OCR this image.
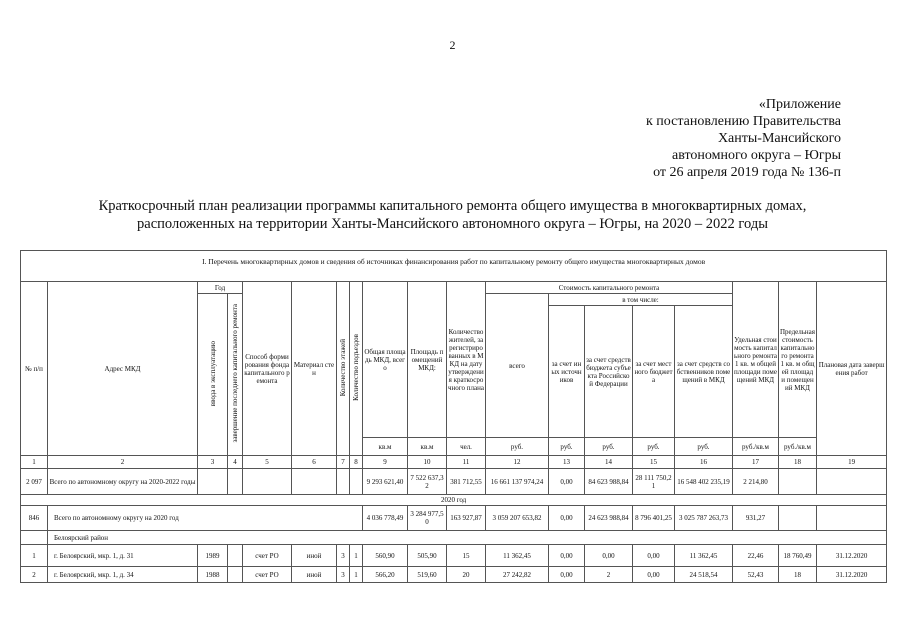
2
«Приложение
к постановлению Правительства
Ханты-Мансийского
автономного округа – Югры
от 26 апреля 2019 года № 136-п
Краткосрочный план реализации программы капитального ремонта общего имущества в многоквартирных домах,
расположенных на территории Ханты-Мансийского автономного округа – Югры, на 2020 – 2022 годы
I. Перечень многоквартирных домов и сведения об источниках финансирования работ по капитальному ремонту общего имущества многоквартирных домов																		

№ п/п	Адрес МКД	Год		Способ формирования фонда капитального ремонта	Материал стен	Количество этажей	Количество подъездов	Общая площадь МКД, всего	Площадь помещений МКД:	Количество жителей, зарегистрированных в МКД на дату утверждения краткосрочного плана	Стоимость капитального ремонта					Удельная стоимость капитального ремонта 1 кв. м общей площади помещений МКД	Предельная стоимость капитального ремонта 1 кв. м общей площади помещений МКД	Плановая дата завершения работ
		ввода в эксплуатацию	завершение последнего капитального ремонта								всего	в том числе:						
												за счет иных источников	за счет средств бюджета субъекта Российской Федерации	за счет местного бюджета	за счет средств собственников помещений в МКД			
								кв.м	кв.м	чел.	руб.	руб.	руб.	руб.	руб.	руб./кв.м	руб./кв.м	
1	2	3	4	5	6	7	8	9	10	11	12	13	14	15	16	17	18	19
2 097	Всего по автономному округу на 2020-2022 годы							9 293 621,40	7 522 637,32	381 712,55	16 661 137 974,24	0,00	84 623 988,84	28 111 750,21	16 548 402 235,19	2 214,80		
2020 год																		
846	Всего по автономному округу на 2020 год							4 036 778,49	3 284 977,50	163 927,87	3 059 207 653,82	0,00	24 623 988,84	8 796 401,25	3 025 787 263,73	931,27		
	Белоярский район																	
1	г. Белоярский, мкр. 1, д. 31	1989		счет РО	иной	3	1	560,90	505,90	15	11 362,45	0,00	0,00	0,00	11 362,45	22,46	18 760,49	31.12.2020
2	г. Белоярский, мкр. 1, д. 34	1988		счет РО	иной	3	1	566,20	519,60	20	27 242,82	0,00	2	0,00	24 518,54	52,43	18	31.12.2020
